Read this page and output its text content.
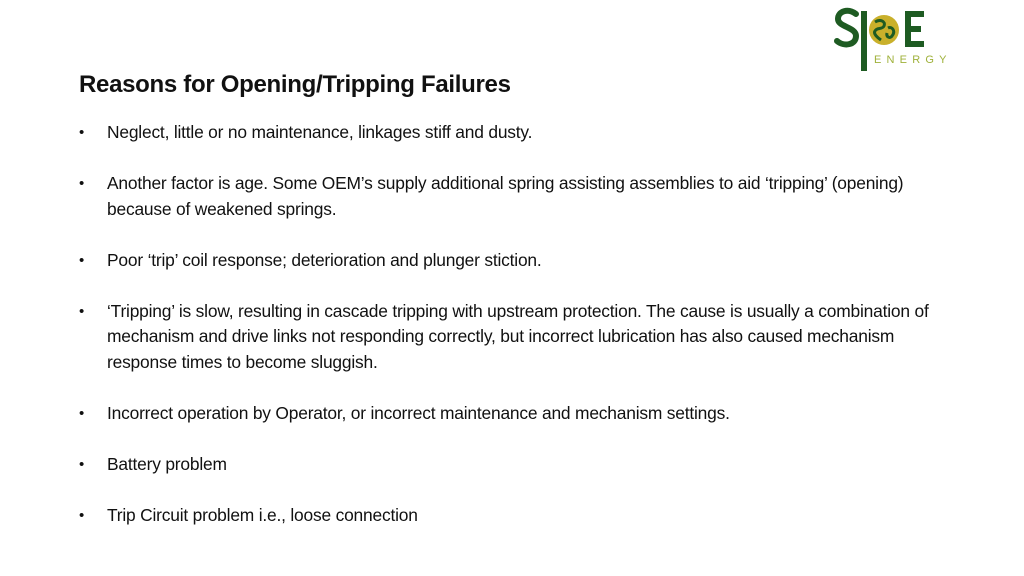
ENERGY
Reasons for Opening/Tripping Failures
• Neglect, little or no maintenance, linkages stiff and dusty.
• Another factor is age. Some OEM’s supply additional spring assisting assemblies to aid ‘tripping’ (opening) because of weakened springs.
• Poor ‘trip’ coil response; deterioration and plunger stiction.
• ‘Tripping’ is slow, resulting in cascade tripping with upstream protection. The cause is usually a combination of mechanism and drive links not responding correctly, but incorrect lubrication has also caused mechanism response times to become sluggish.
• Incorrect operation by Operator, or incorrect maintenance and mechanism settings.
• Battery problem
• Trip Circuit problem i.e., loose connection
